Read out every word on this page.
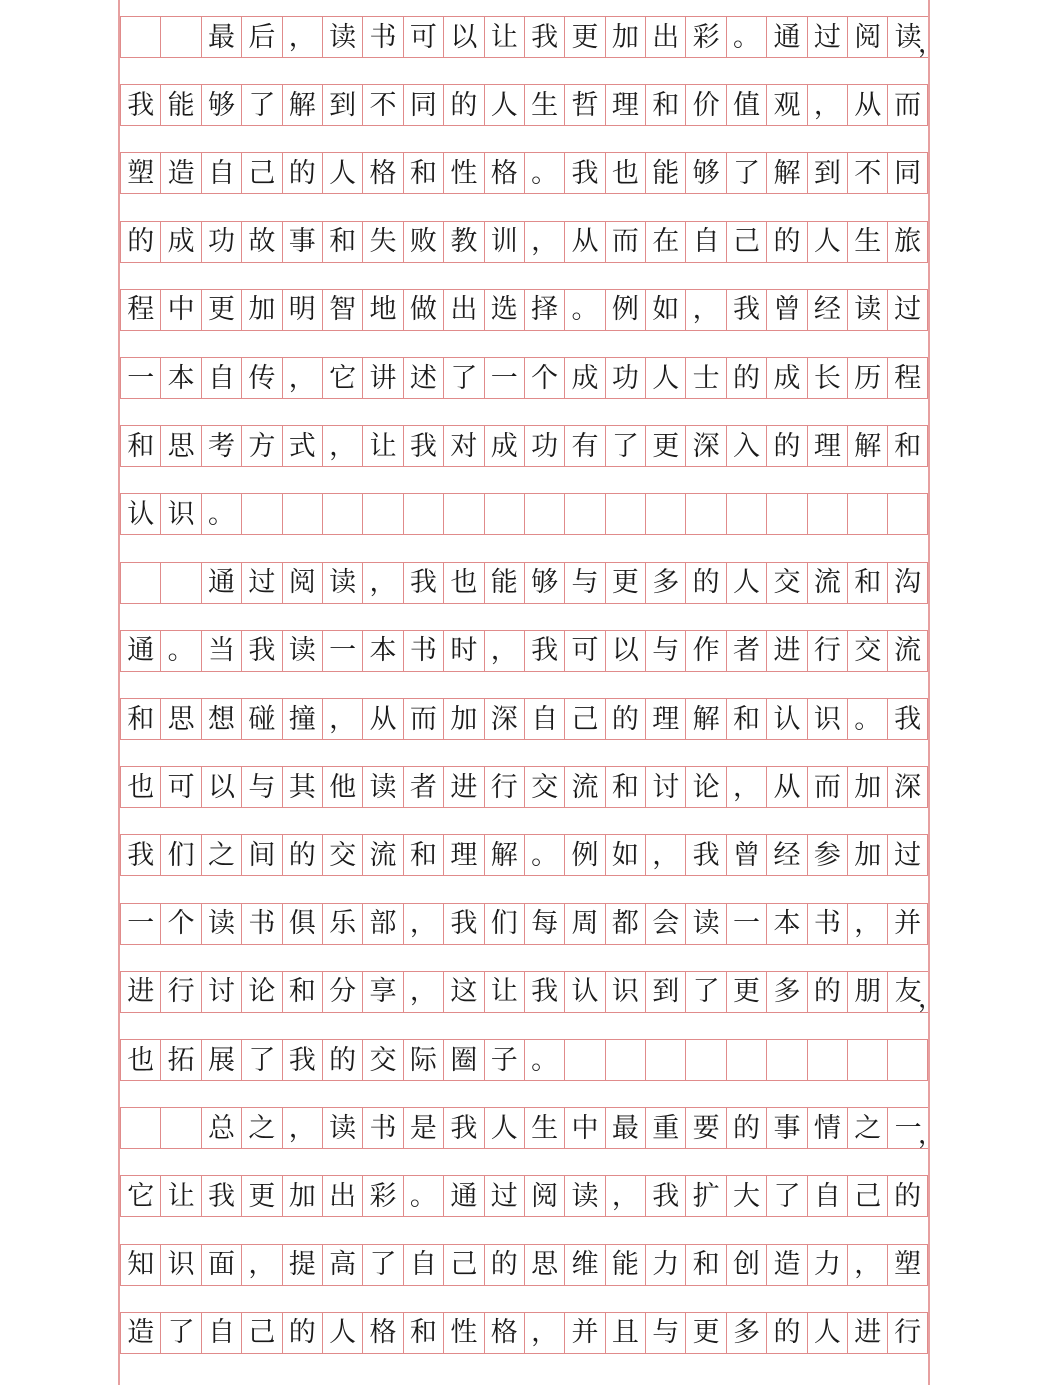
最 后 ， 读 书 可 以 让 我 更 加 出 彩 。 通 过 阅 读
，
我 能 够 了 解 到 不 同 的 人 生 哲 理 和 价 值 观 ， 从 而
塑 造 自 己 的 人 格 和 性 格 。 我 也 能 够 了 解 到 不 同
的 成 功 故 事 和 失 败 教 训 ， 从 而 在 自 己 的 人 生 旅
程 中 更 加 明 智 地 做 出 选 择 。 例 如 ， 我 曾 经 读 过
一 本 自 传 ， 它 讲 述 了 一 个 成 功 人 士 的 成 长 历 程
和 思 考 方 式 ， 让 我 对 成 功 有 了 更 深 入 的 理 解 和
认 识 。
通 过 阅 读 ， 我 也 能 够 与 更 多 的 人 交 流 和 沟
通 。 当 我 读 一 本 书 时 ， 我 可 以 与 作 者 进 行 交 流
和 思 想 碰 撞 ， 从 而 加 深 自 己 的 理 解 和 认 识 。 我
也 可 以 与 其 他 读 者 进 行 交 流 和 讨 论 ， 从 而 加 深
我 们 之 间 的 交 流 和 理 解 。 例 如 ， 我 曾 经 参 加 过
一 个 读 书 俱 乐 部 ， 我 们 每 周 都 会 读 一 本 书 ， 并
进 行 讨 论 和 分 享 ， 这 让 我 认 识 到 了 更 多 的 朋 友
，
也 拓 展 了 我 的 交 际 圈 子 。
总 之 ， 读 书 是 我 人 生 中 最 重 要 的 事 情 之 一
，
它 让 我 更 加 出 彩 。 通 过 阅 读 ， 我 扩 大 了 自 己 的
知 识 面 ， 提 高 了 自 己 的 思 维 能 力 和 创 造 力 ， 塑
造 了 自 己 的 人 格 和 性 格 ， 并 且 与 更 多 的 人 进 行
